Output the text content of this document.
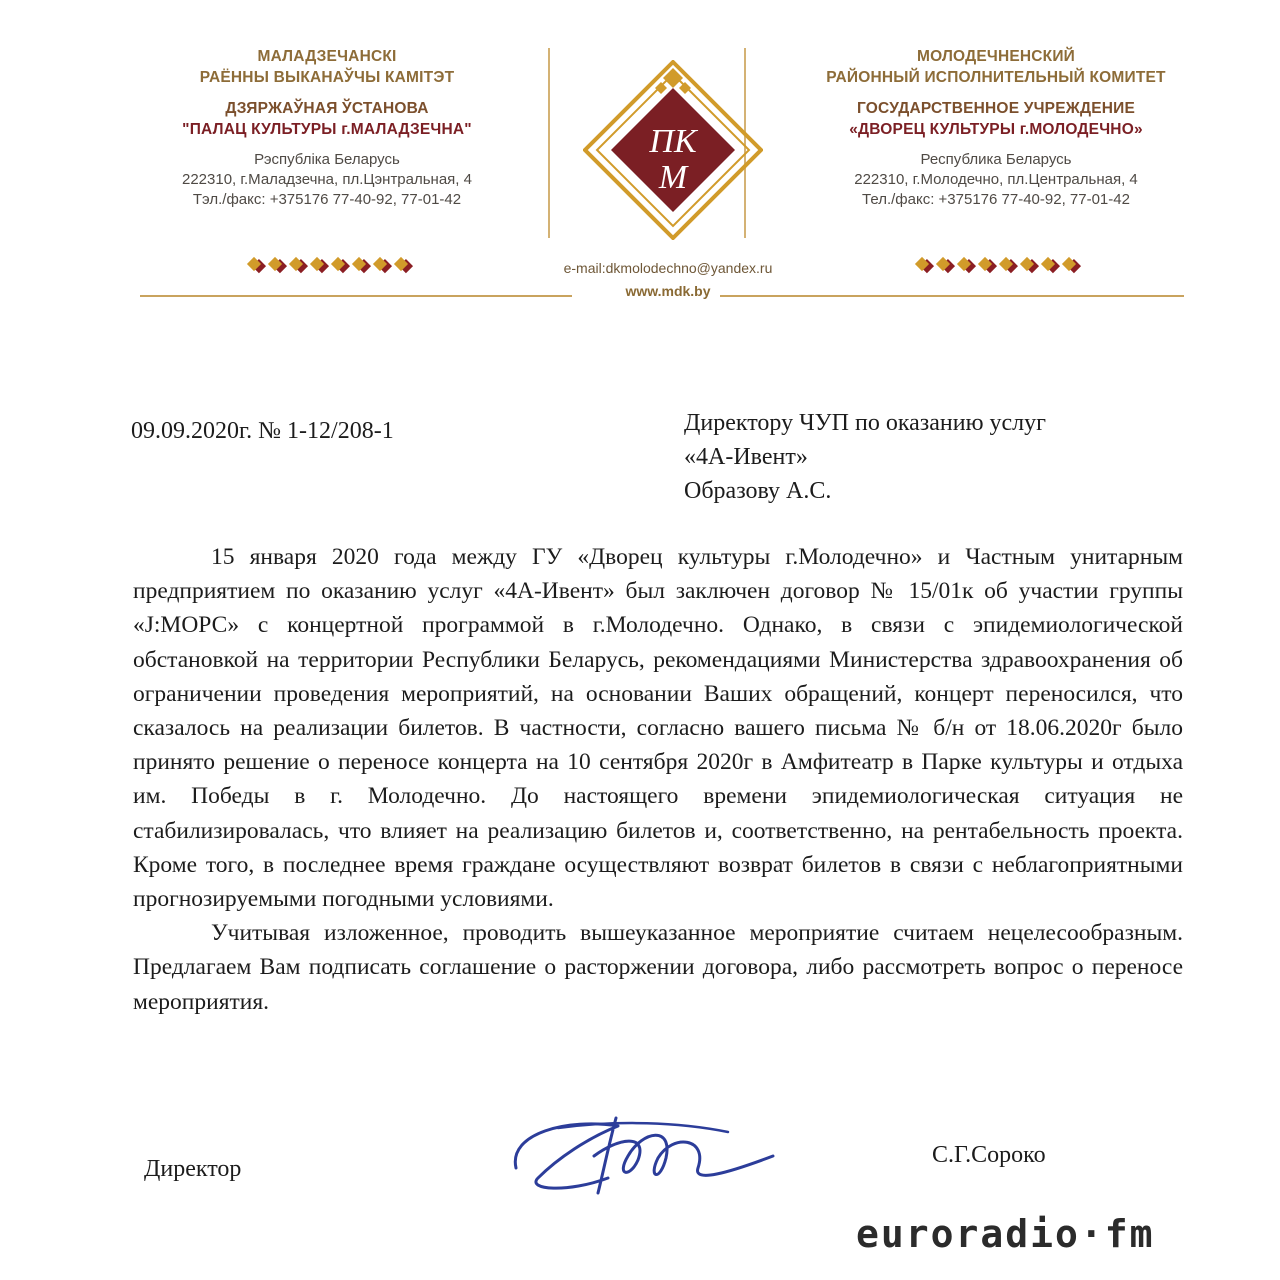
МАЛАДЗЕЧАНСКІ
РАЁННЫ ВЫКАНАЎЧЫ КАМІТЭТ
ДЗЯРЖАЎНАЯ ЎСТАНОВА
"ПАЛАЦ КУЛЬТУРЫ г.МАЛАДЗЕЧНА"
Рэспубліка Беларусь
222310, г.Маладзечна, пл.Цэнтральная, 4
Тэл./факс: +375176 77-40-92, 77-01-42
МОЛОДЕЧНЕНСКИЙ
РАЙОННЫЙ ИСПОЛНИТЕЛЬНЫЙ КОМИТЕТ
ГОСУДАРСТВЕННОЕ УЧРЕЖДЕНИЕ
«ДВОРЕЦ КУЛЬТУРЫ г.МОЛОДЕЧНО»
Республика Беларусь
222310, г.Молодечно, пл.Центральная, 4
Тел./факс: +375176 77-40-92, 77-01-42
ПК
М
e-mail:dkmolodechno@yandex.ru
www.mdk.by
09.09.2020г. № 1-12/208-1	Директору ЧУП по оказанию услуг
«4А-Ивент»
Образову А.С.

15 января 2020 года между ГУ «Дворец культуры г.Молодечно» и Частным унитарным предприятием по оказанию услуг «4А-Ивент» был заключен договор № 15/01к об участии группы «J:МОРС» с концертной программой в г.Молодечно. Однако, в связи с эпидемиологической обстановкой на территории Республики Беларусь, рекомендациями Министерства здравоохранения об ограничении проведения мероприятий, на основании Ваших обращений, концерт переносился, что сказалось на реализации билетов. В частности, согласно вашего письма № б/н от 18.06.2020г было принято решение о переносе концерта на 10 сентября 2020г в Амфитеатр в Парке культуры и отдыха им. Победы в г. Молодечно. До настоящего времени эпидемиологическая ситуация не стабилизировалась, что влияет на реализацию билетов и, соответственно, на рентабельность проекта. Кроме того, в последнее время граждане осуществляют возврат билетов в связи с неблагоприятными прогнозируемыми погодными условиями.

Учитывая изложенное, проводить вышеуказанное мероприятие считаем нецелесообразным. Предлагаем Вам подписать соглашение о расторжении договора, либо рассмотреть вопрос о переносе мероприятия.

Директор
С.Г.Сороко
euroradio·fm
